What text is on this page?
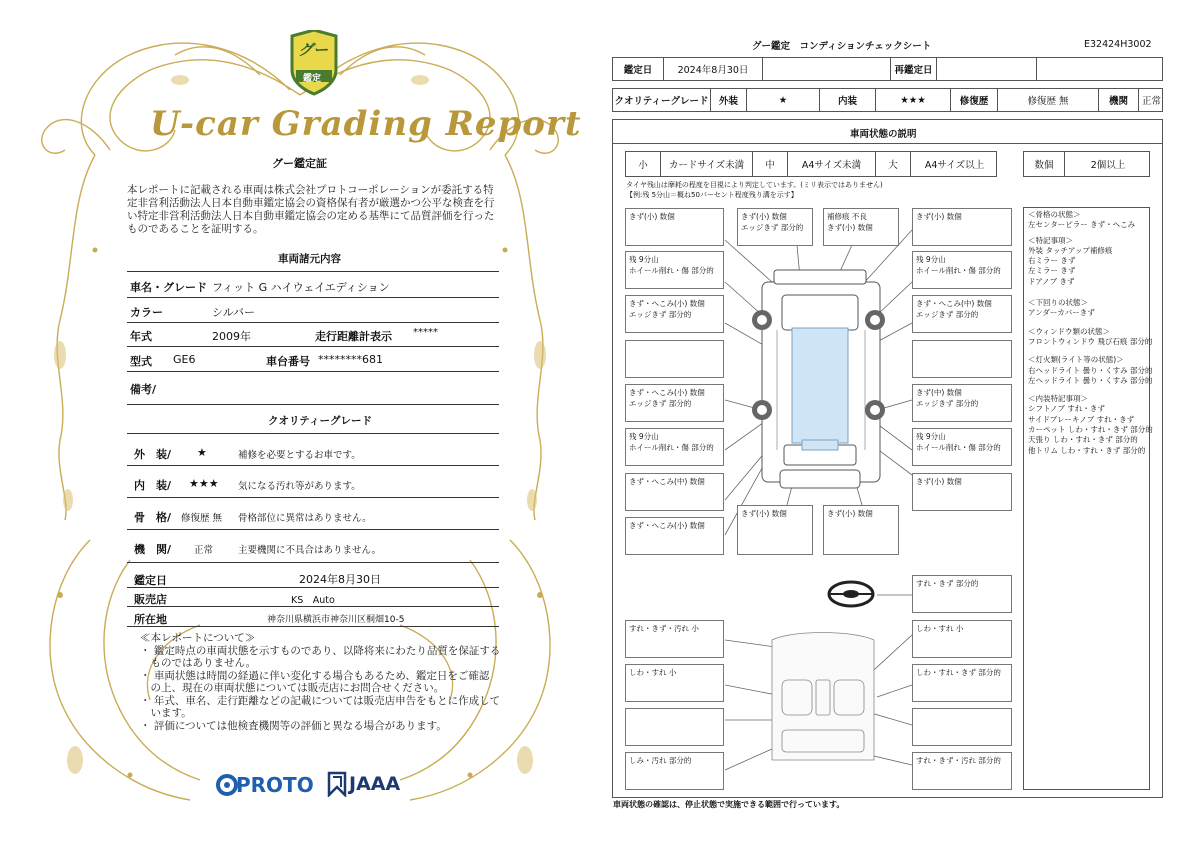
グー
鑑定
U-car Grading Report
グー鑑定証
本レポートに記載される車両は株式会社プロトコーポレーションが委託する特定非営利活動法人日本自動車鑑定協会の資格保有者が厳選かつ公平な検査を行い特定非営利活動法人日本自動車鑑定協会の定める基準にて品質評価を行ったものであることを証明する。
車両諸元内容
車名・グレード フィット G ハイウェイエディション
カラー	シルバー
年式	2009年	走行距離計表示 *****
型式 GE6	車台番号 ********681
備考/
クオリティーグレード
外　装/ ★	補修を必要とするお車です。
内　装/ ★★★ 気になる汚れ等があります。
骨　格/ 修復歴 無 骨格部位に異常はありません。
機　関/ 正常	主要機関に不具合はありません。
鑑定日	2024年8月30日
販売店	KS　Auto
所在地	神奈川県横浜市神奈川区桐畑10-5
≪本レポートについて≫
・ 鑑定時点の車両状態を示すものであり、以降将来にわたり品質を保証する
　ものではありません。
・ 車両状態は時間の経過に伴い変化する場合もあるため、鑑定日をご確認
　の上、現在の車両状態については販売店にお問合せください。
・ 年式、車名、走行距離などの記載については販売店申告をもとに作成して
　います。
・ 評価については他検査機関等の評価と異なる場合があります。
PROTO JAAA
グー鑑定　コンディションチェックシート	E32424H3002
鑑定日	2024年8月30日	再鑑定日
クオリティーグレード	外装	★	内装	★★★	修復歴	修復歴 無	機関	正常
車両状態の説明
小	カードサイズ未満	中	A4サイズ未満	大	A4サイズ以上	数個	2個以上
タイヤ残山は摩耗の程度を目視により判定しています。(ミリ表示ではありません)
【例:残 5分山＝概ね50パーセント程度残り溝を示す】
きず(小) 数個	きず(小) 数個
エッジきず 部分的
補修痕 不良
きず(小) 数個
きず(小) 数個
残 9分山
ホイール削れ・傷 部分的
残 9分山
ホイール削れ・傷 部分的
きず・へこみ(小) 数個
エッジきず 部分的
きず・へこみ(中) 数個
エッジきず 部分的
きず・へこみ(小) 数個
エッジきず 部分的
きず(中) 数個
エッジきず 部分的
残 9分山
ホイール削れ・傷 部分的
残 9分山
ホイール削れ・傷 部分的
きず・へこみ(中) 数個	きず(小) 数個
きず・へこみ(小) 数個
きず(小) 数個	きず(小) 数個
すれ・きず 部分的
すれ・きず・汚れ 小	しわ・すれ 小
しわ・すれ 小	しわ・すれ・きず 部分的
しみ・汚れ 部分的	すれ・きず・汚れ 部分的
＜骨格の状態＞
左センターピラー きず・へこみ
＜特記事項＞
外装 タッチアップ補修痕
右ミラー きず
左ミラー きず
ドアノブ きず
＜下回りの状態＞
アンダーカバーきず
＜ウィンドウ類の状態＞
フロントウィンドウ 飛び石痕 部分的
＜灯火類(ライト等の状態)＞
右ヘッドライト 曇り・くすみ 部分的
左ヘッドライト 曇り・くすみ 部分的
＜内装特記事項＞
シフトノブ すれ・きず
サイドブレーキノブ すれ・きず
カーペット しわ・すれ・きず 部分的
天張り しわ・すれ・きず 部分的
他トリム しわ・すれ・きず 部分的
車両状態の確認は、停止状態で実施できる範囲で行っています。
